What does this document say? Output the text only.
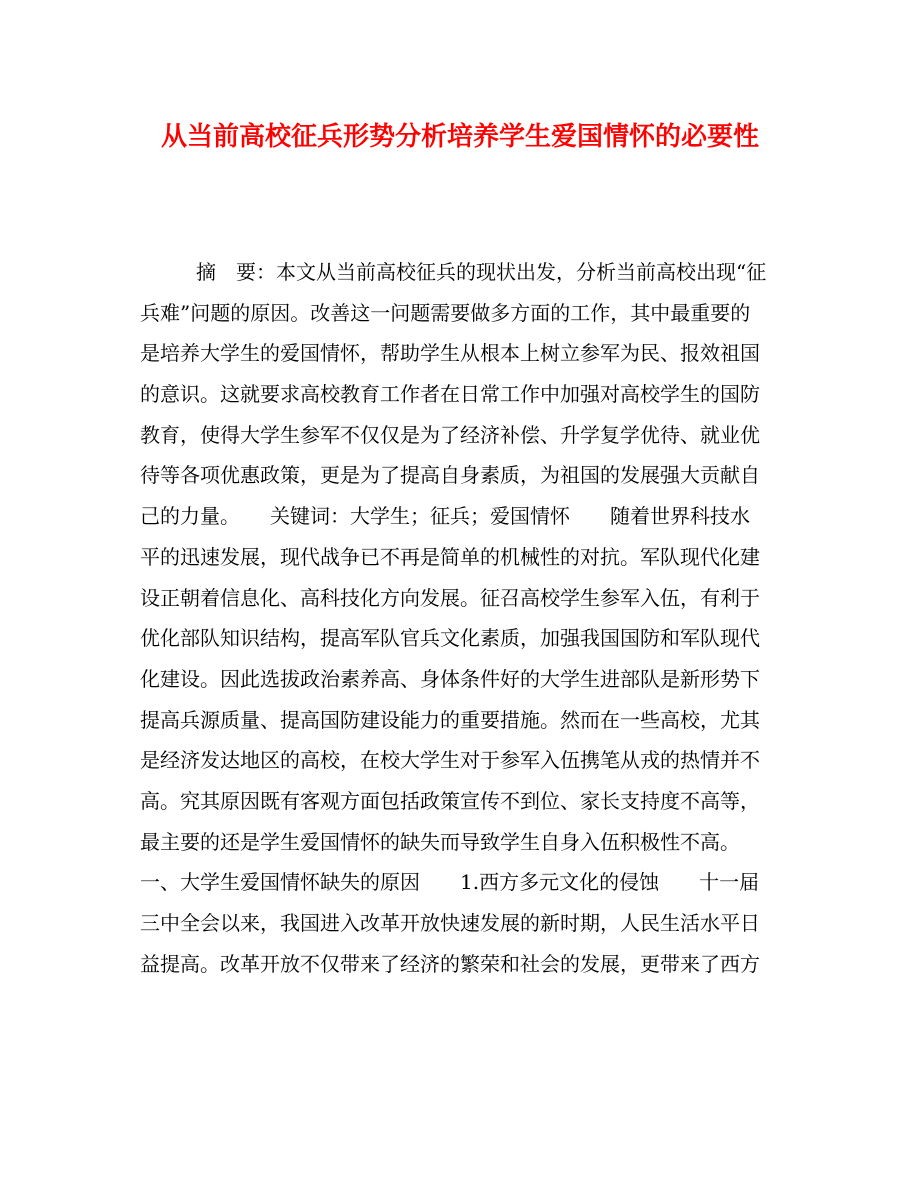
从当前高校征兵形势分析培养学生爱国情怀的必要性
摘　要：本文从当前高校征兵的现状出发，分析当前高校出现“征
兵难”问题的原因。改善这一问题需要做多方面的工作，其中最重要的
是培养大学生的爱国情怀，帮助学生从根本上树立参军为民、报效祖国
的意识。这就要求高校教育工作者在日常工作中加强对高校学生的国防
教育，使得大学生参军不仅仅是为了经济补偿、升学复学优待、就业优
待等各项优惠政策，更是为了提高自身素质，为祖国的发展强大贡献自
己的力量。　　关键词：大学生；征兵；爱国情怀　　随着世界科技水
平的迅速发展，现代战争已不再是简单的机械性的对抗。军队现代化建
设正朝着信息化、高科技化方向发展。征召高校学生参军入伍，有利于
优化部队知识结构，提高军队官兵文化素质，加强我国国防和军队现代
化建设。因此选拔政治素养高、身体条件好的大学生进部队是新形势下
提高兵源质量、提高国防建设能力的重要措施。然而在一些高校，尤其
是经济发达地区的高校，在校大学生对于参军入伍携笔从戎的热情并不
高。究其原因既有客观方面包括政策宣传不到位、家长支持度不高等，
最主要的还是学生爱国情怀的缺失而导致学生自身入伍积极性不高。
一、大学生爱国情怀缺失的原因　　1.西方多元文化的侵蚀　　十一届
三中全会以来，我国进入改革开放快速发展的新时期，人民生活水平日
益提高。改革开放不仅带来了经济的繁荣和社会的发展，更带来了西方
